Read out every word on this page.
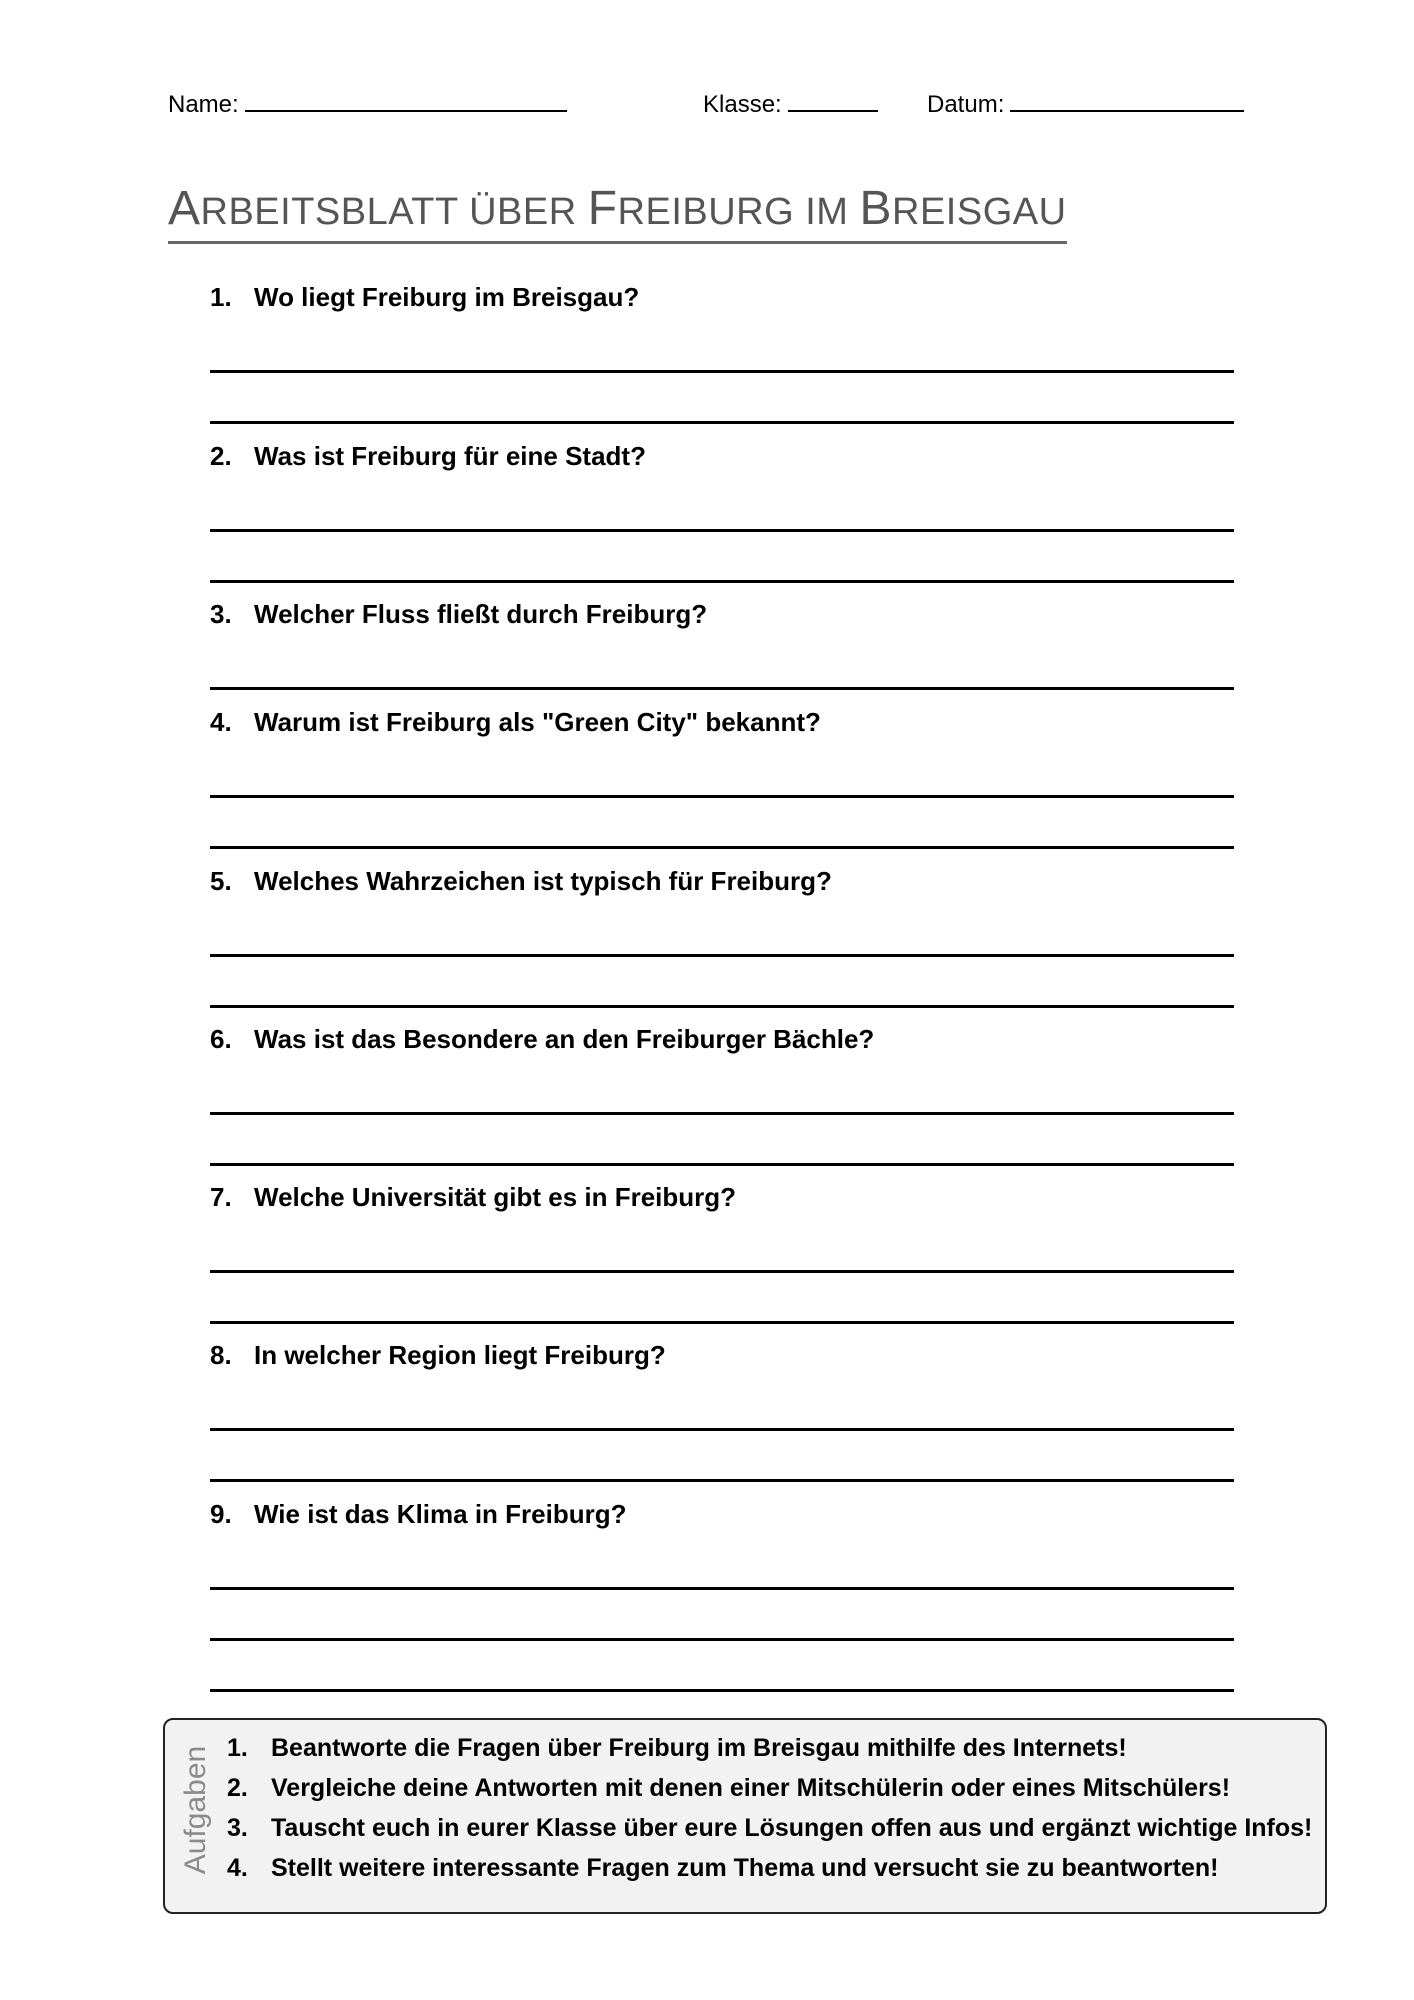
Name:	Klasse:	Datum:
ARBEITSBLATT ÜBER FREIBURG IM BREISGAU
1. Wo liegt Freiburg im Breisgau?
2. Was ist Freiburg für eine Stadt?
3. Welcher Fluss fließt durch Freiburg?
4. Warum ist Freiburg als "Green City" bekannt?
5. Welches Wahrzeichen ist typisch für Freiburg?
6. Was ist das Besondere an den Freiburger Bächle?
7. Welche Universität gibt es in Freiburg?
8. In welcher Region liegt Freiburg?
9. Wie ist das Klima in Freiburg?
Aufgaben 1. Beantworte die Fragen über Freiburg im Breisgau mithilfe des Internets!
2. Vergleiche deine Antworten mit denen einer Mitschülerin oder eines Mitschülers!
3. Tauscht euch in eurer Klasse über eure Lösungen offen aus und ergänzt wichtige Infos!
4. Stellt weitere interessante Fragen zum Thema und versucht sie zu beantworten!
